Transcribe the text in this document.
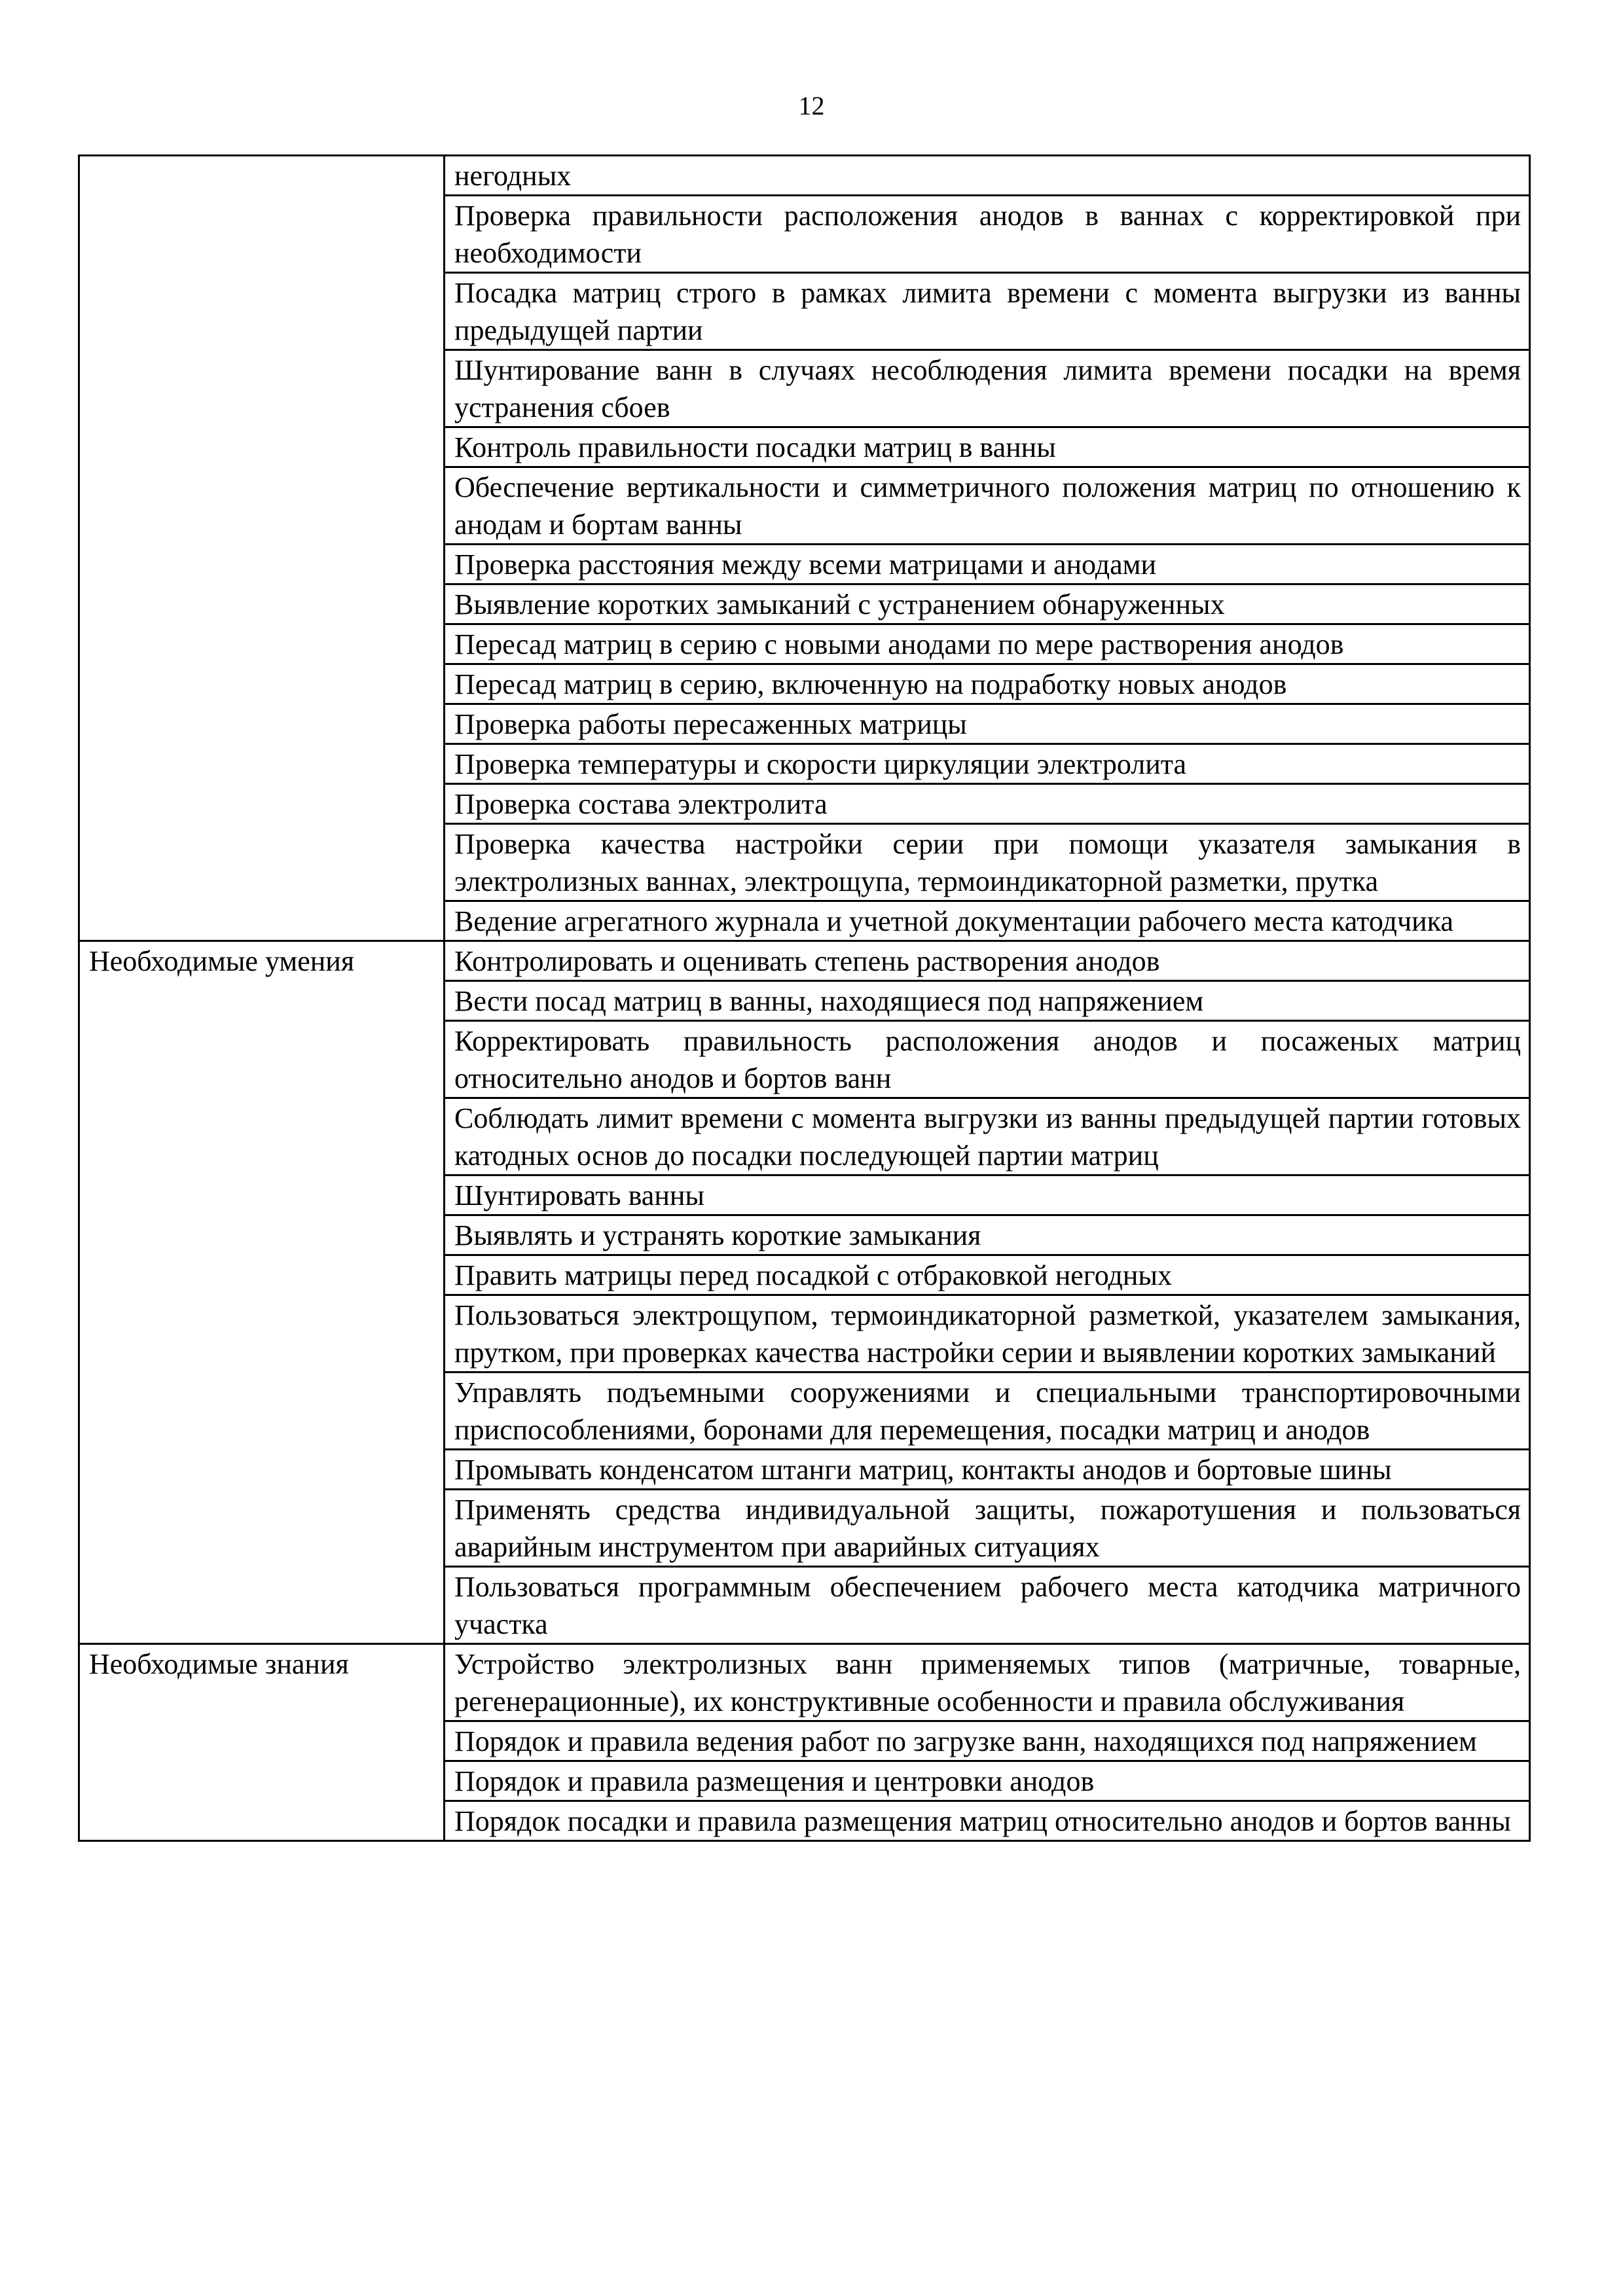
12
	негодных
	Проверка правильности расположения анодов в ваннах с корректировкой при необходимости
	Посадка матриц строго в рамках лимита времени с момента выгрузки из ванны предыдущей партии
	Шунтирование ванн в случаях несоблюдения лимита времени посадки на время устранения сбоев
	Контроль правильности посадки матриц в ванны
	Обеспечение вертикальности и симметричного положения матриц по отношению к анодам и бортам ванны
	Проверка расстояния между всеми матрицами и анодами
	Выявление коротких замыканий с устранением обнаруженных
	Пересад матриц в серию с новыми анодами по мере растворения анодов
	Пересад матриц в серию, включенную на подработку новых анодов
	Проверка работы пересаженных матрицы
	Проверка температуры и скорости циркуляции электролита
	Проверка состава электролита
	Проверка качества настройки серии при помощи указателя замыкания в электролизных ваннах, электрощупа, термоиндикаторной разметки, прутка
	Ведение агрегатного журнала и учетной документации рабочего места катодчика
Необходимые умения	Контролировать и оценивать степень растворения анодов
	Вести посад матриц в ванны, находящиеся под напряжением
	Корректировать правильность расположения анодов и посаженых матриц относительно анодов и бортов ванн
	Соблюдать лимит времени с момента выгрузки из ванны предыдущей партии готовых катодных основ до посадки последующей партии матриц
	Шунтировать ванны
	Выявлять и устранять короткие замыкания
	Править матрицы перед посадкой с отбраковкой негодных
	Пользоваться электрощупом, термоиндикаторной разметкой, указателем замыкания, прутком, при проверках качества настройки серии и выявлении коротких замыканий
	Управлять подъемными сооружениями и специальными транспортировочными приспособлениями, боронами для перемещения, посадки матриц и анодов
	Промывать конденсатом штанги матриц, контакты анодов и бортовые шины
	Применять средства индивидуальной защиты, пожаротушения и пользоваться аварийным инструментом при аварийных ситуациях
	Пользоваться программным обеспечением рабочего места катодчика матричного участка
Необходимые знания	Устройство электролизных ванн применяемых типов (матричные, товарные, регенерационные), их конструктивные особенности и правила обслуживания
	Порядок и правила ведения работ по загрузке ванн, находящихся под напряжением
	Порядок и правила размещения и центровки анодов
	Порядок посадки и правила размещения матриц относительно анодов и бортов ванны
